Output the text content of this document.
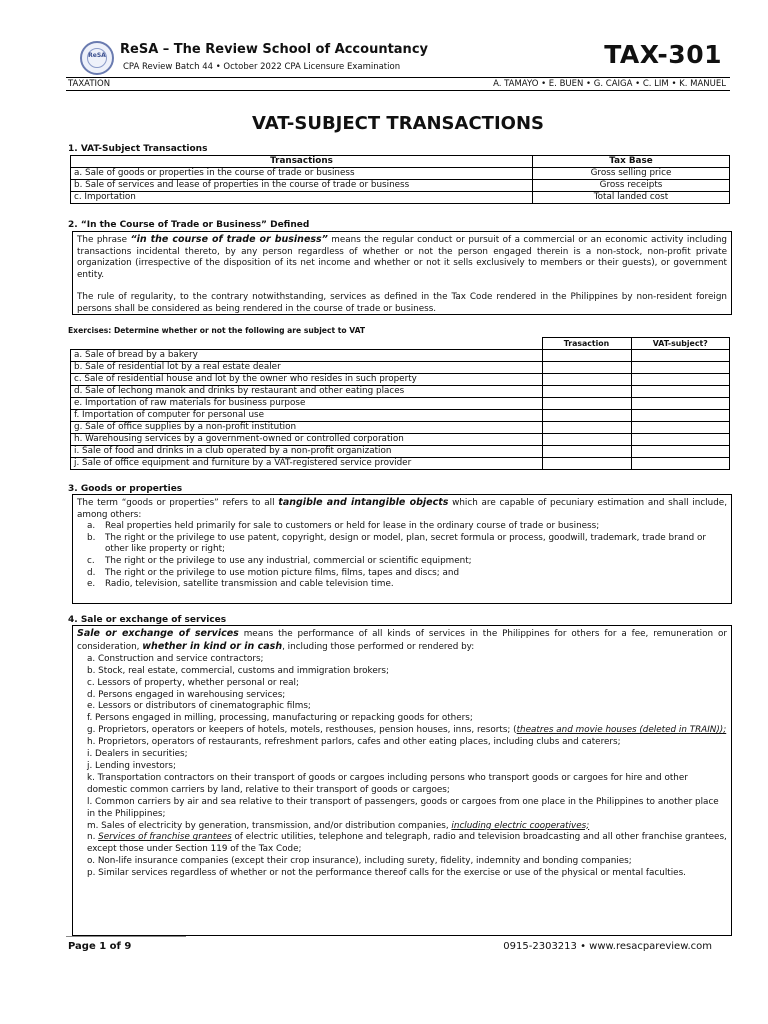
ReSA	ReSA – The Review School of Accountancy
CPA Review Batch 44 • October 2022 CPA Licensure Examination	TAX-301
TAXATION	A. TAMAYO • E. BUEN • G. CAIGA • C. LIM • K. MANUEL
VAT-SUBJECT TRANSACTIONS
1. VAT-Subject Transactions
Transactions	Tax Base
a. Sale of goods or properties in the course of trade or business	Gross selling price
b. Sale of services and lease of properties in the course of trade or business	Gross receipts
c. Importation	Total landed cost
2. “In the Course of Trade or Business” Defined

The phrase “in the course of trade or business” means the regular conduct or pursuit of a commercial or an economic activity including transactions incidental thereto, by any person regardless of whether or not the person engaged therein is a non-stock, non-profit private organization (irrespective of the disposition of its net income and whether or not it sells exclusively to members or their guests), or government entity.

The rule of regularity, to the contrary notwithstanding, services as defined in the Tax Code rendered in the Philippines by non-resident foreign persons shall be considered as being rendered in the course of trade or business.

Exercises: Determine whether or not the following are subject to VAT
	Trasaction	VAT-subject?
a. Sale of bread by a bakery		
b. Sale of residential lot by a real estate dealer		
c. Sale of residential house and lot by the owner who resides in such property		
d. Sale of lechong manok and drinks by restaurant and other eating places		
e. Importation of raw materials for business purpose		
f. Importation of computer for personal use		
g. Sale of office supplies by a non-profit institution		
h. Warehousing services by a government-owned or controlled corporation		
i. Sale of food and drinks in a club operated by a non-profit organization		
j. Sale of office equipment and furniture by a VAT-registered service provider		
3. Goods or properties

The term “goods or properties” refers to all tangible and intangible objects which are capable of pecuniary estimation and shall include, among others:

a.	Real properties held primarily for sale to customers or held for lease in the ordinary course of trade or business;
b.	The right or the privilege to use patent, copyright, design or model, plan, secret formula or process, goodwill, trademark, trade brand or other like property or right;
c.	The right or the privilege to use any industrial, commercial or scientific equipment;
d.	The right or the privilege to use motion picture films, films, tapes and discs; and
e.	Radio, television, satellite transmission and cable television time.
4. Sale or exchange of services

Sale or exchange of services means the performance of all kinds of services in the Philippines for others for a fee, remuneration or consideration, whether in kind or in cash, including those performed or rendered by:

a. Construction and service contractors;
b. Stock, real estate, commercial, customs and immigration brokers;
c. Lessors of property, whether personal or real;
d. Persons engaged in warehousing services;
e. Lessors or distributors of cinematographic films;
f. Persons engaged in milling, processing, manufacturing or repacking goods for others;
g. Proprietors, operators or keepers of hotels, motels, resthouses, pension houses, inns, resorts; (theatres and movie houses (deleted in TRAIN));
h. Proprietors, operators of restaurants, refreshment parlors, cafes and other eating places, including clubs and caterers;
i. Dealers in securities;
j. Lending investors;
k. Transportation contractors on their transport of goods or cargoes including persons who transport goods or cargoes for hire and other domestic common carriers by land, relative to their transport of goods or cargoes;
l. Common carriers by air and sea relative to their transport of passengers, goods or cargoes from one place in the Philippines to another place in the Philippines;
m. Sales of electricity by generation, transmission, and/or distribution companies, including electric cooperatives;
n. Services of franchise grantees of electric utilities, telephone and telegraph, radio and television broadcasting and all other franchise grantees, except those under Section 119 of the Tax Code;
o. Non-life insurance companies (except their crop insurance), including surety, fidelity, indemnity and bonding companies;
p. Similar services regardless of whether or not the performance thereof calls for the exercise or use of the physical or mental faculties.
Page 1 of 9	0915-2303213 • www.resacpareview.com
